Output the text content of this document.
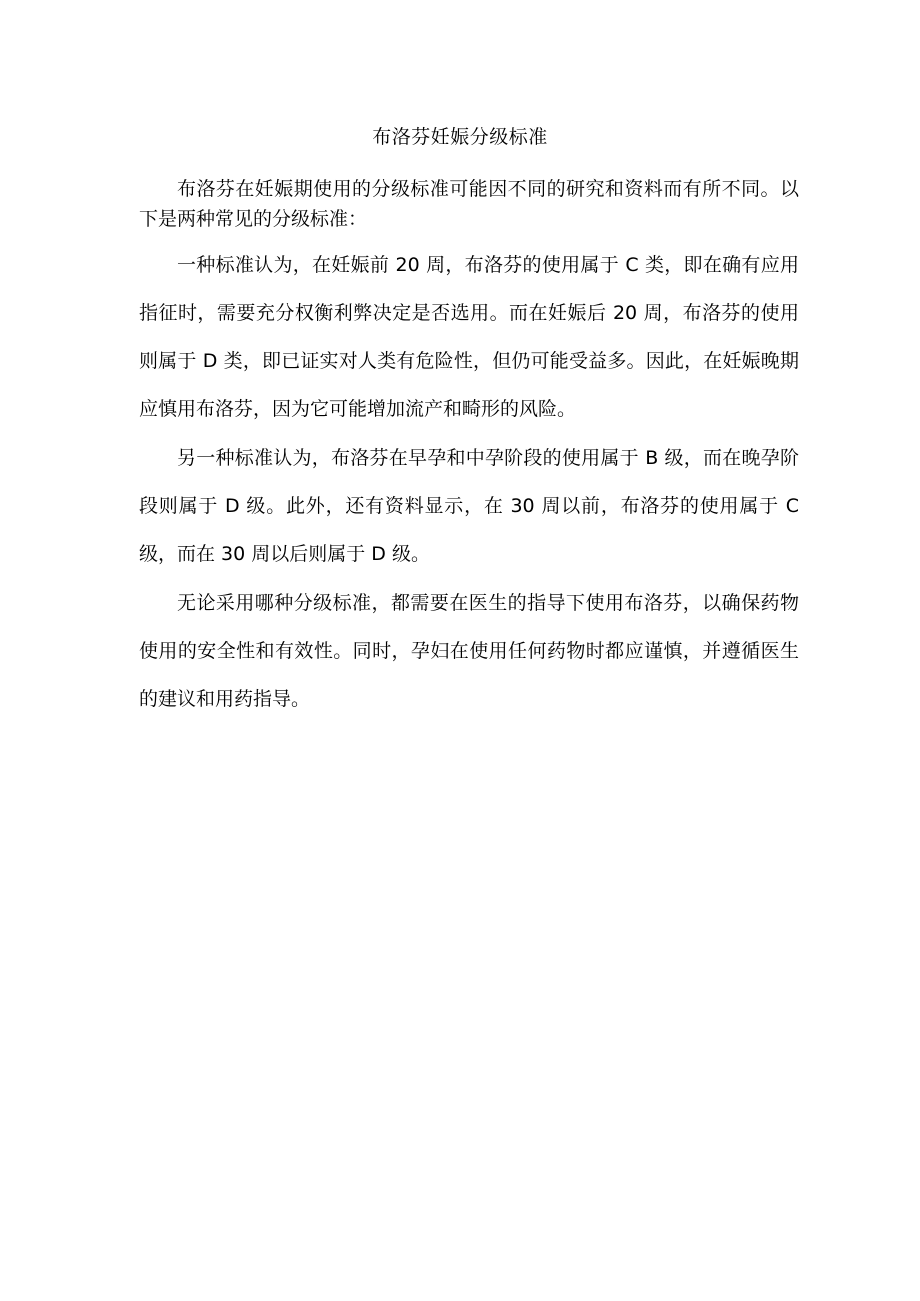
布洛芬妊娠分级标准

布洛芬在妊娠期使用的分级标准可能因不同的研究和资料而有所不同。以下是两种常见的分级标准：

一种标准认为，在妊娠前 20 周，布洛芬的使用属于 C 类，即在确有应用指征时，需要充分权衡利弊决定是否选用。而在妊娠后 20 周，布洛芬的使用则属于 D 类，即已证实对人类有危险性，但仍可能受益多。因此，在妊娠晚期应慎用布洛芬，因为它可能增加流产和畸形的风险。

另一种标准认为，布洛芬在早孕和中孕阶段的使用属于 B 级，而在晚孕阶段则属于 D 级。此外，还有资料显示，在 30 周以前，布洛芬的使用属于 C 级，而在 30 周以后则属于 D 级。

无论采用哪种分级标准，都需要在医生的指导下使用布洛芬，以确保药物使用的安全性和有效性。同时，孕妇在使用任何药物时都应谨慎，并遵循医生的建议和用药指导。
